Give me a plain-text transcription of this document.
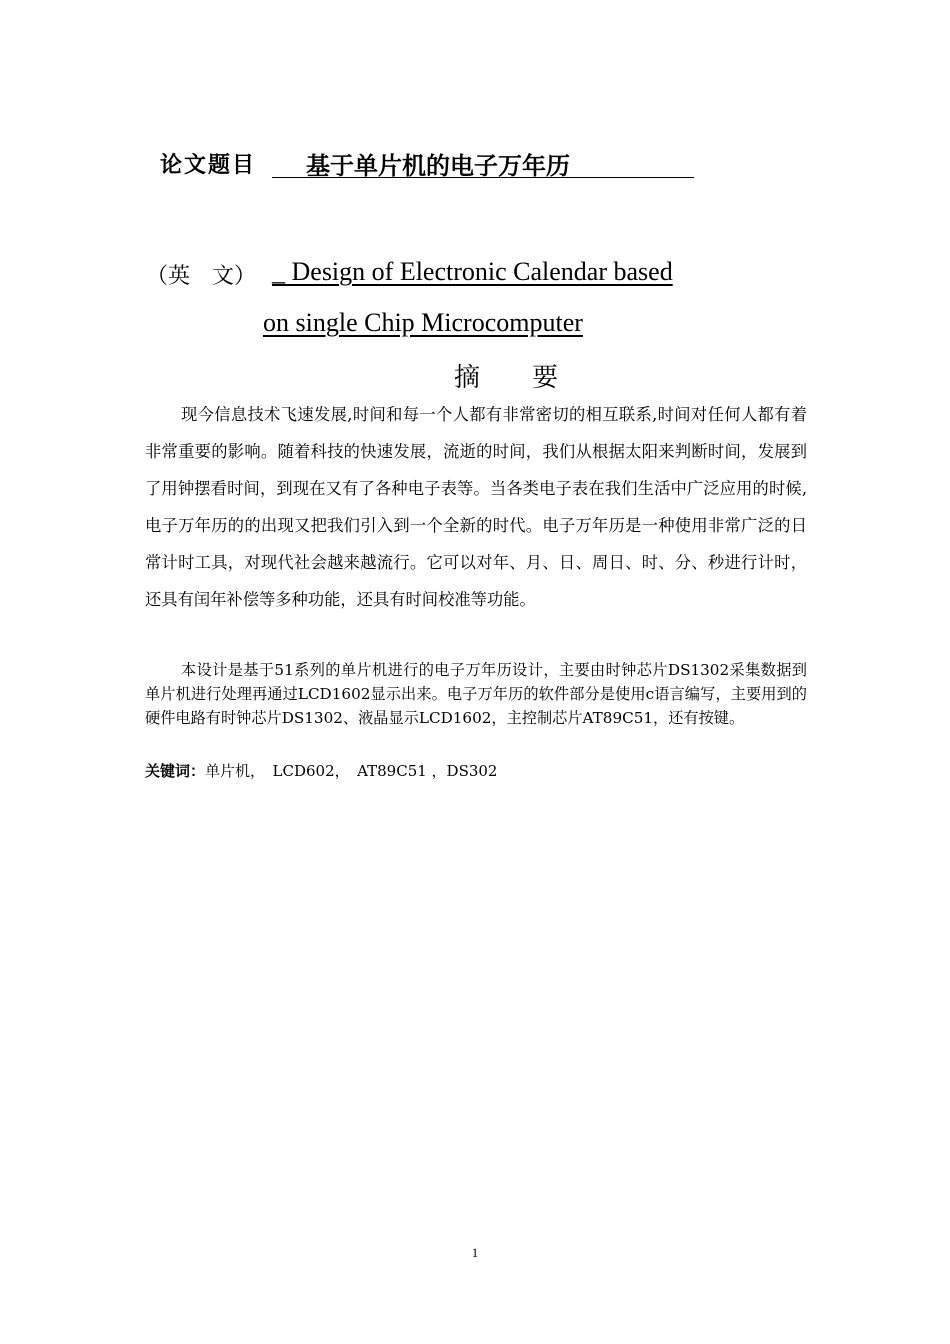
论文题目 基于单片机的电子万年历
（英　文） _ Design of Electronic Calendar based
on single Chip Microcomputer
摘　　要
现今信息技术飞速发展,时间和每一个人都有非常密切的相互联系,时间对任何人都有着非常重要的影响。随着科技的快速发展，流逝的时间，我们从根据太阳来判断时间，发展到了用钟摆看时间，到现在又有了各种电子表等。当各类电子表在我们生活中广泛应用的时候,电子万年历的的出现又把我们引入到一个全新的时代。电子万年历是一种使用非常广泛的日常计时工具，对现代社会越来越流行。它可以对年、月、日、周日、时、分、秒进行计时，还具有闰年补偿等多种功能，还具有时间校准等功能。
本设计是基于51系列的单片机进行的电子万年历设计，主要由时钟芯片DS1302采集数据到单片机进行处理再通过LCD1602显示出来。电子万年历的软件部分是使用c语言编写，主要用到的硬件电路有时钟芯片DS1302、液晶显示LCD1602，主控制芯片AT89C51，还有按键。
关键词：单片机，　LCD602，　AT89C51 ，DS302
1
